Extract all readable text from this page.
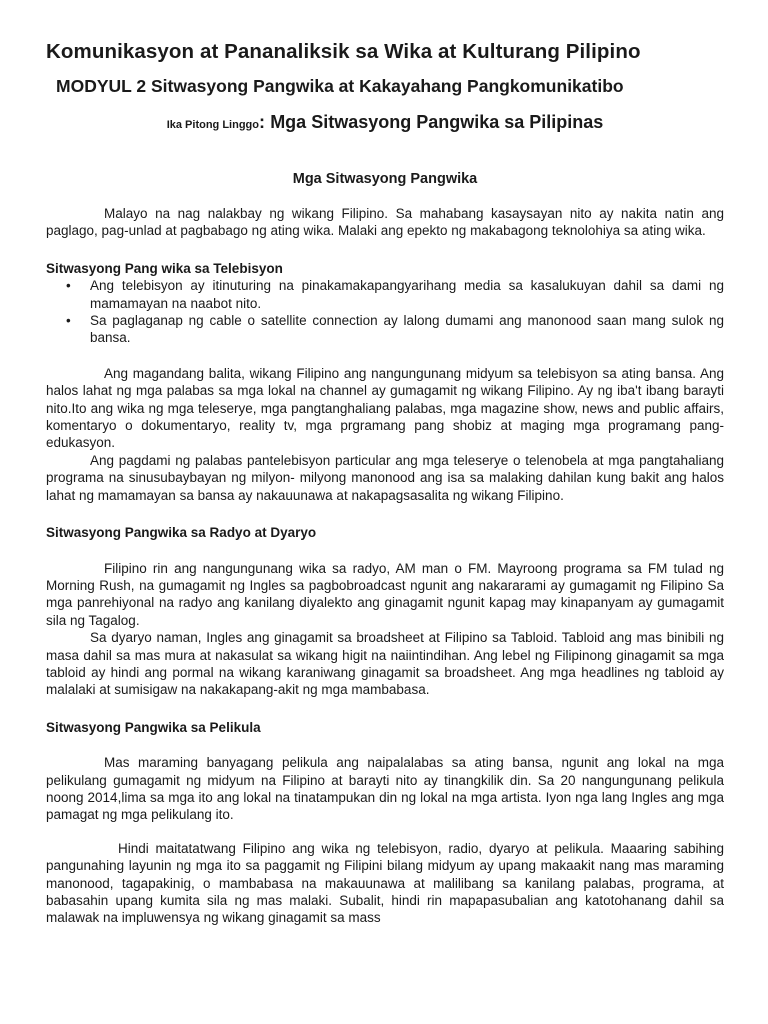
Komunikasyon at Pananaliksik sa Wika at Kulturang Pilipino
MODYUL 2 Sitwasyong Pangwika at Kakayahang Pangkomunikatibo
Ika Pitong Linggo: Mga Sitwasyong Pangwika sa Pilipinas
Mga Sitwasyong Pangwika

Malayo na nag nalakbay ng wikang Filipino. Sa mahabang kasaysayan nito ay nakita natin ang paglago, pag-unlad at pagbabago ng ating wika. Malaki ang epekto ng makabagong teknolohiya sa ating wika.

Sitwasyong Pang wika sa Telebisyon

• Ang telebisyon ay itinuturing na pinakamakapangyarihang media sa kasalukuyan dahil sa dami ng mamamayan na naabot nito.
• Sa paglaganap ng cable o satellite connection ay lalong dumami ang manonood saan mang sulok ng bansa.

Ang magandang balita, wikang Filipino ang nangungunang midyum sa telebisyon sa ating bansa. Ang halos lahat ng mga palabas sa mga lokal na channel ay gumagamit ng wikang Filipino. Ay ng iba't ibang barayti nito.Ito ang wika ng mga teleserye, mga pangtanghaliang palabas, mga magazine show, news and public affairs, komentaryo o dokumentaryo, reality tv, mga prgramang pang shobiz at maging mga programang pang- edukasyon.

Ang pagdami ng palabas pantelebisyon particular ang mga teleserye o telenobela at mga pangtahaliang programa na sinusubaybayan ng milyon- milyong manonood ang isa sa malaking dahilan kung bakit ang halos lahat ng mamamayan sa bansa ay nakauunawa at nakapagsasalita ng wikang Filipino.

Sitwasyong Pangwika sa Radyo at Dyaryo

Filipino rin ang nangungunang wika sa radyo, AM man o FM. Mayroong programa sa FM tulad ng Morning Rush, na gumagamit ng Ingles sa pagbobroadcast ngunit ang nakararami ay gumagamit ng Filipino Sa mga panrehiyonal na radyo ang kanilang diyalekto ang ginagamit ngunit kapag may kinapanyam ay gumagamit sila ng Tagalog.

Sa dyaryo naman, Ingles ang ginagamit sa broadsheet at Filipino sa Tabloid. Tabloid ang mas binibili ng masa dahil sa mas mura at nakasulat sa wikang higit na naiintindihan. Ang lebel ng Filipinong ginagamit sa mga tabloid ay hindi ang pormal na wikang karaniwang ginagamit sa broadsheet. Ang mga headlines ng tabloid ay malalaki at sumisigaw na nakakapang-akit ng mga mambabasa.

Sitwasyong Pangwika sa Pelikula

Mas maraming banyagang pelikula ang naipalalabas sa ating bansa, ngunit ang lokal na mga pelikulang gumagamit ng midyum na Filipino at barayti nito ay tinangkilik din. Sa 20 nangungunang pelikula noong 2014,lima sa mga ito ang lokal na tinatampukan din ng lokal na mga artista. Iyon nga lang Ingles ang mga pamagat ng mga pelikulang ito.

Hindi maitatatwang Filipino ang wika ng telebisyon, radio, dyaryo at pelikula. Maaaring sabihing pangunahing layunin ng mga ito sa paggamit ng Filipini bilang midyum ay upang makaakit nang mas maraming manonood, tagapakinig, o mambabasa na makauunawa at malilibang sa kanilang palabas, programa, at babasahin upang kumita sila ng mas malaki. Subalit, hindi rin mapapasubalian ang katotohanang dahil sa malawak na impluwensya ng wikang ginagamit sa mass
